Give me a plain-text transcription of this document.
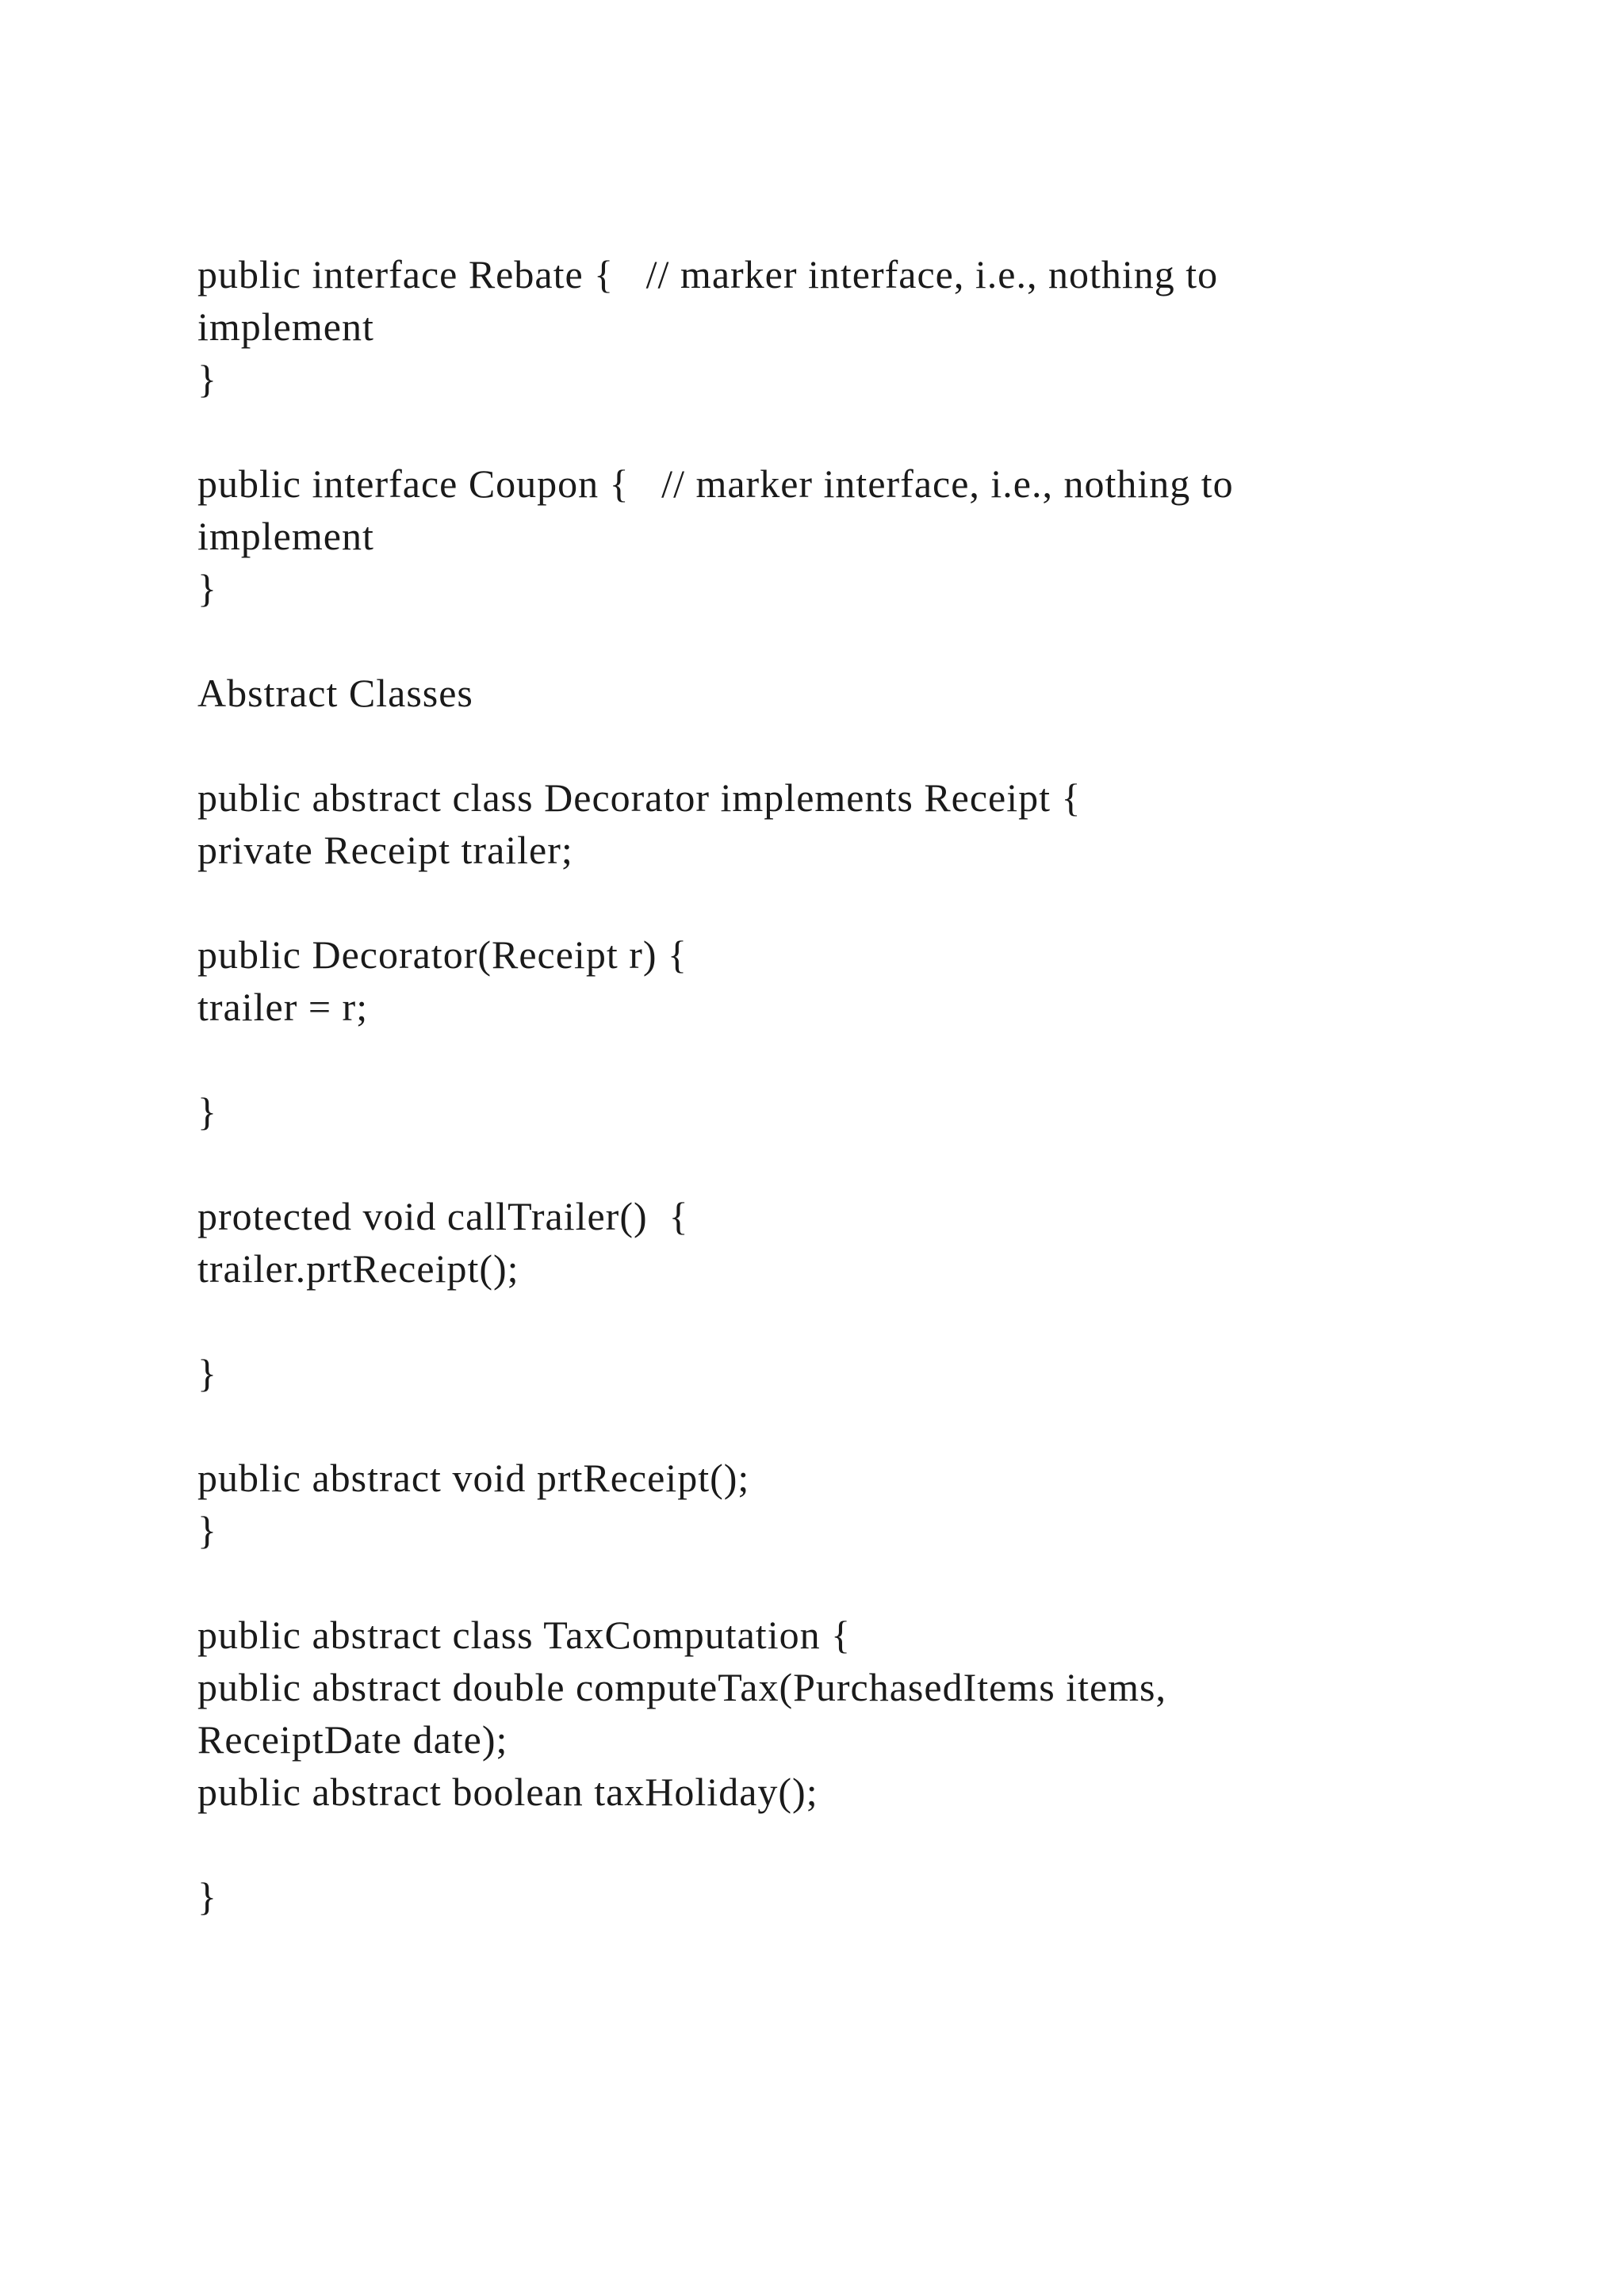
public interface Rebate {   // marker interface, i.e., nothing to

implement

}

public interface Coupon {   // marker interface, i.e., nothing to

implement

}

Abstract Classes

public abstract class Decorator implements Receipt {

private Receipt trailer;

public Decorator(Receipt r) {

trailer = r;

}

protected void callTrailer()  {

trailer.prtReceipt();

}

public abstract void prtReceipt();

}

public abstract class TaxComputation {

public abstract double computeTax(PurchasedItems items,

ReceiptDate date);

public abstract boolean taxHoliday();

}
